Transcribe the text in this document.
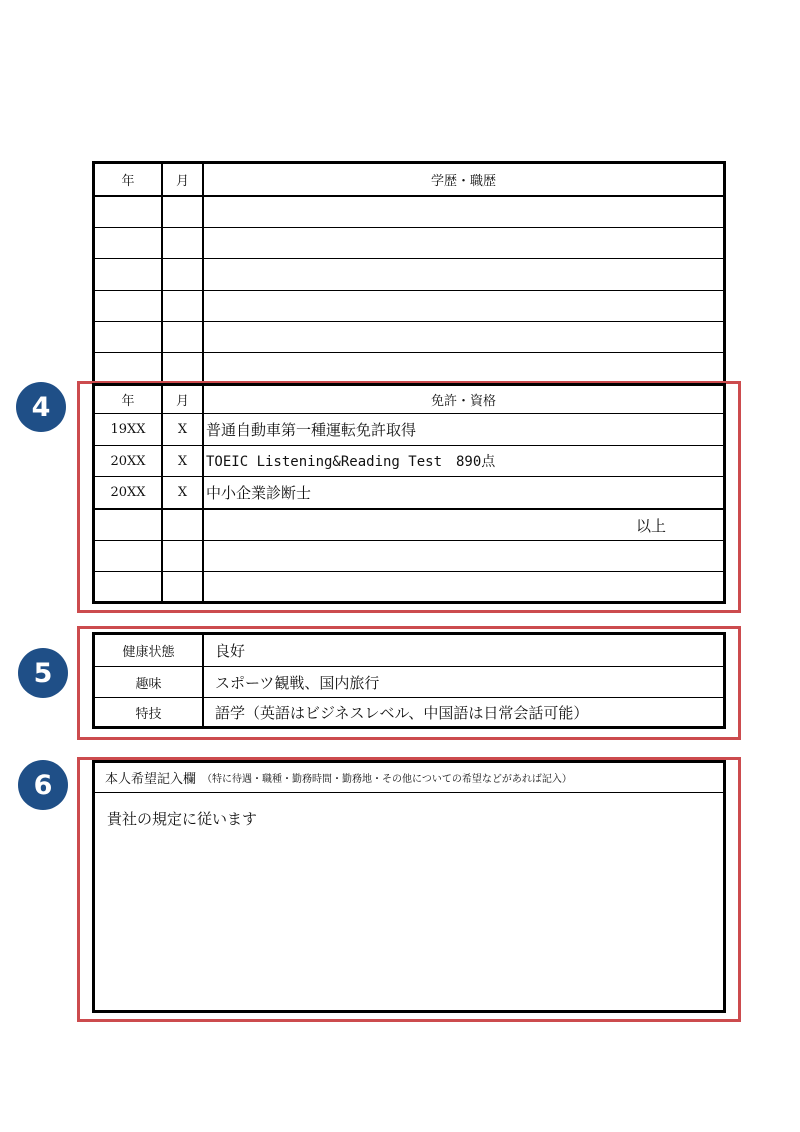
年	月	学歴・職歴
4	年	月	免許・資格
19XX	X	普通自動車第一種運転免許取得
20XX	X	TOEIC Listening&Reading Test　890点
20XX	X	中小企業診断士
以上
5
健康状態	良好
趣味	スポーツ観戦、国内旅行
特技	語学（英語はビジネスレベル、中国語は日常会話可能）
6	本人希望記入欄 （特に待遇・職種・勤務時間・勤務地・その他についての希望などがあれば記入）
貴社の規定に従います
